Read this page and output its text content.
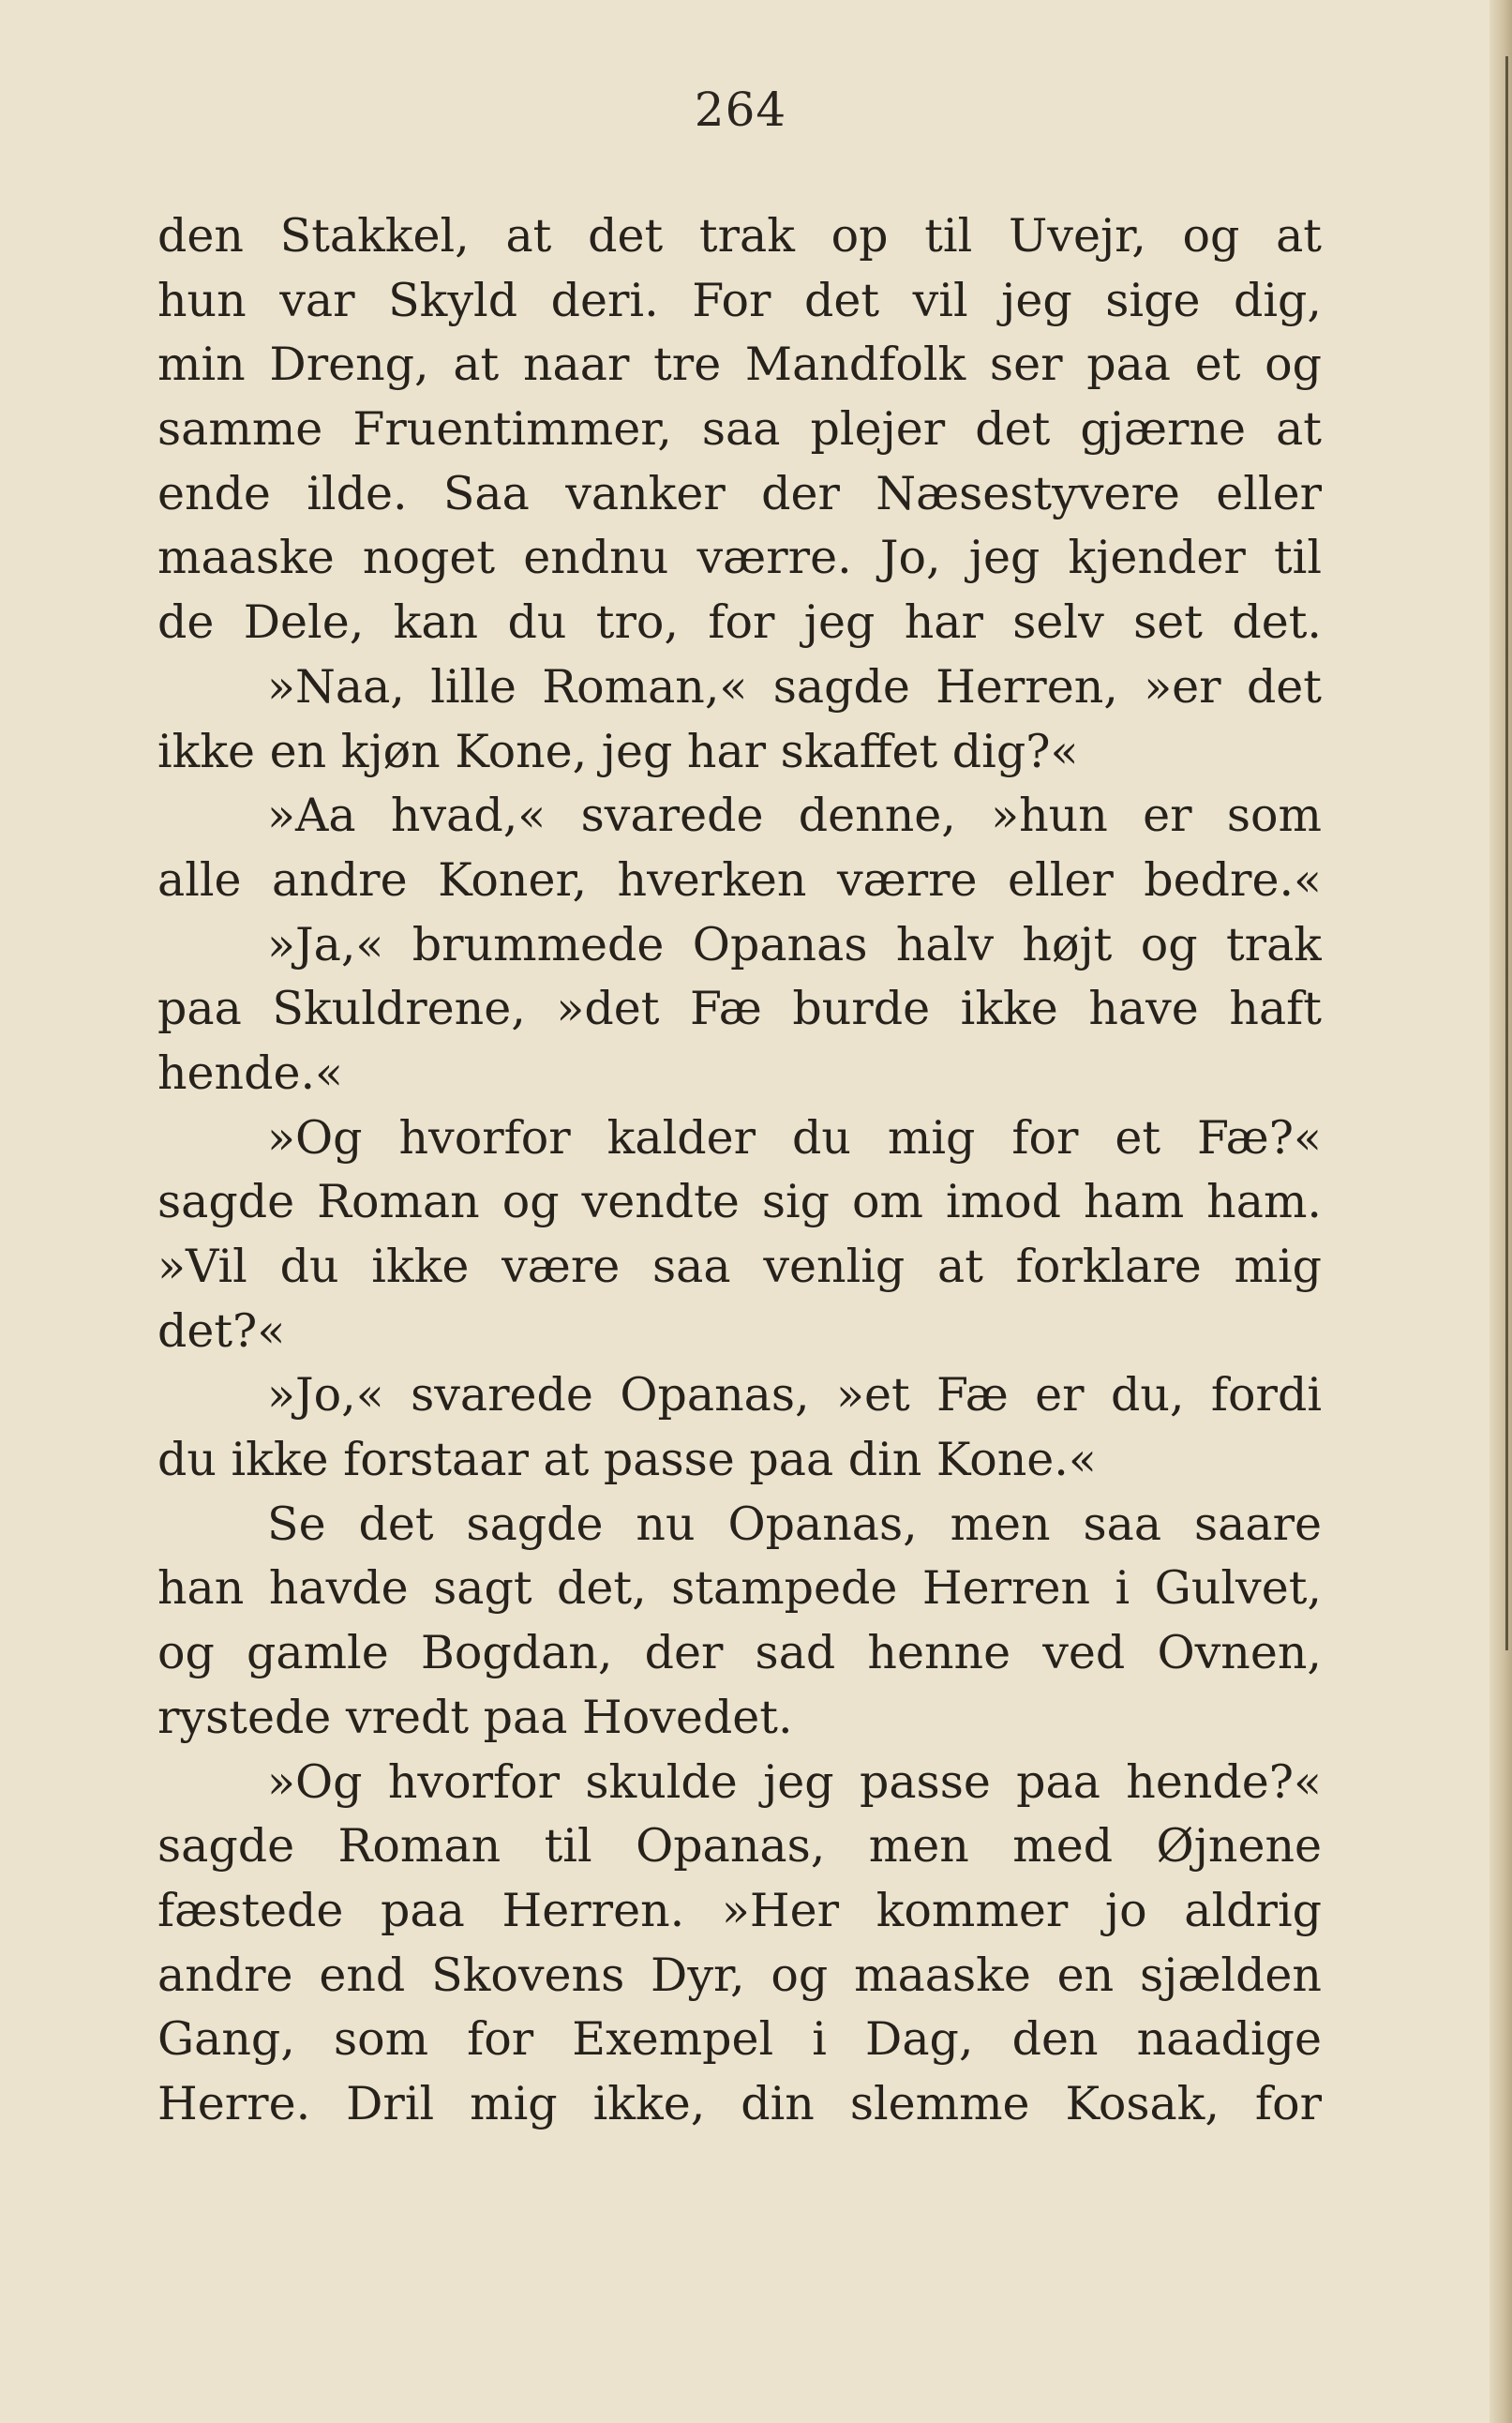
264
den Stakkel, at det trak op til Uvejr, og at
hun var Skyld deri. For det vil jeg sige dig,
min Dreng, at naar tre Mandfolk ser paa et og
samme Fruentimmer, saa plejer det gjærne at
ende ilde. Saa vanker der Næsestyvere eller
maaske noget endnu værre. Jo, jeg kjender til
de Dele, kan du tro, for jeg har selv set det.
»Naa, lille Roman,« sagde Herren, »er det
ikke en kjøn Kone, jeg har skaffet dig?«
»Aa hvad,« svarede denne, »hun er som
alle andre Koner, hverken værre eller bedre.«
»Ja,« brummede Opanas halv højt og trak
paa Skuldrene, »det Fæ burde ikke have haft
hende.«
»Og hvorfor kalder du mig for et Fæ?«
sagde Roman og vendte sig om imod ham ham.
»Vil du ikke være saa venlig at forklare mig
det?«
»Jo,« svarede Opanas, »et Fæ er du, fordi
du ikke forstaar at passe paa din Kone.«
Se det sagde nu Opanas, men saa saare
han havde sagt det, stampede Herren i Gulvet,
og gamle Bogdan, der sad henne ved Ovnen,
rystede vredt paa Hovedet.
»Og hvorfor skulde jeg passe paa hende?«
sagde Roman til Opanas, men med Øjnene
fæstede paa Herren. »Her kommer jo aldrig
andre end Skovens Dyr, og maaske en sjælden
Gang, som for Exempel i Dag, den naadige
Herre. Dril mig ikke, din slemme Kosak, for
